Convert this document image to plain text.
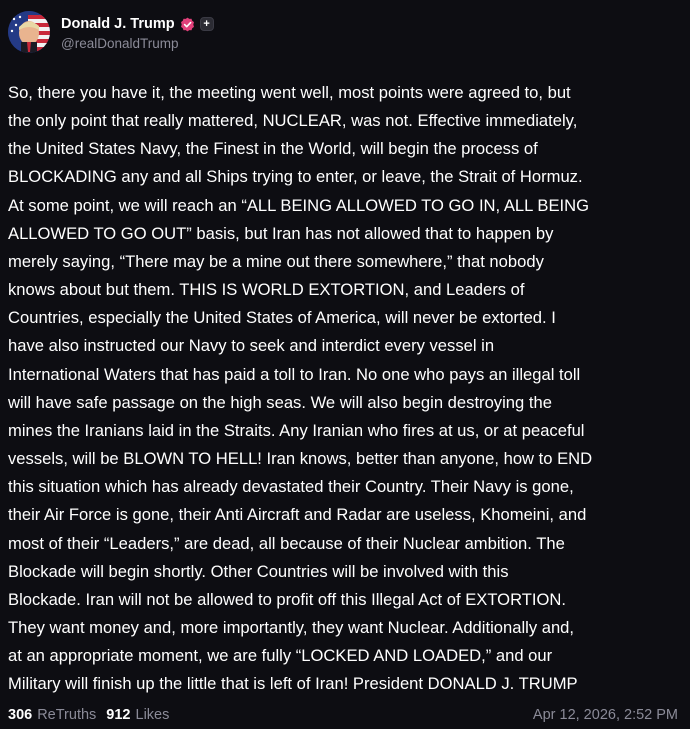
Donald J. Trump	+
@realDonaldTrump
So, there you have it, the meeting went well, most points were agreed to, but
the only point that really mattered, NUCLEAR, was not. Effective immediately,
the United States Navy, the Finest in the World, will begin the process of
BLOCKADING any and all Ships trying to enter, or leave, the Strait of Hormuz.
At some point, we will reach an “ALL BEING ALLOWED TO GO IN, ALL BEING
ALLOWED TO GO OUT” basis, but Iran has not allowed that to happen by
merely saying, “There may be a mine out there somewhere,” that nobody
knows about but them. THIS IS WORLD EXTORTION, and Leaders of
Countries, especially the United States of America, will never be extorted. I
have also instructed our Navy to seek and interdict every vessel in
International Waters that has paid a toll to Iran. No one who pays an illegal toll
will have safe passage on the high seas. We will also begin destroying the
mines the Iranians laid in the Straits. Any Iranian who fires at us, or at peaceful
vessels, will be BLOWN TO HELL! Iran knows, better than anyone, how to END
this situation which has already devastated their Country. Their Navy is gone,
their Air Force is gone, their Anti Aircraft and Radar are useless, Khomeini, and
most of their “Leaders,” are dead, all because of their Nuclear ambition. The
Blockade will begin shortly. Other Countries will be involved with this
Blockade. Iran will not be allowed to profit off this Illegal Act of EXTORTION.
They want money and, more importantly, they want Nuclear. Additionally and,
at an appropriate moment, we are fully “LOCKED AND LOADED,” and our
Military will finish up the little that is left of Iran! President DONALD J. TRUMP
306 ReTruths 912 Likes	Apr 12, 2026, 2:52 PM
